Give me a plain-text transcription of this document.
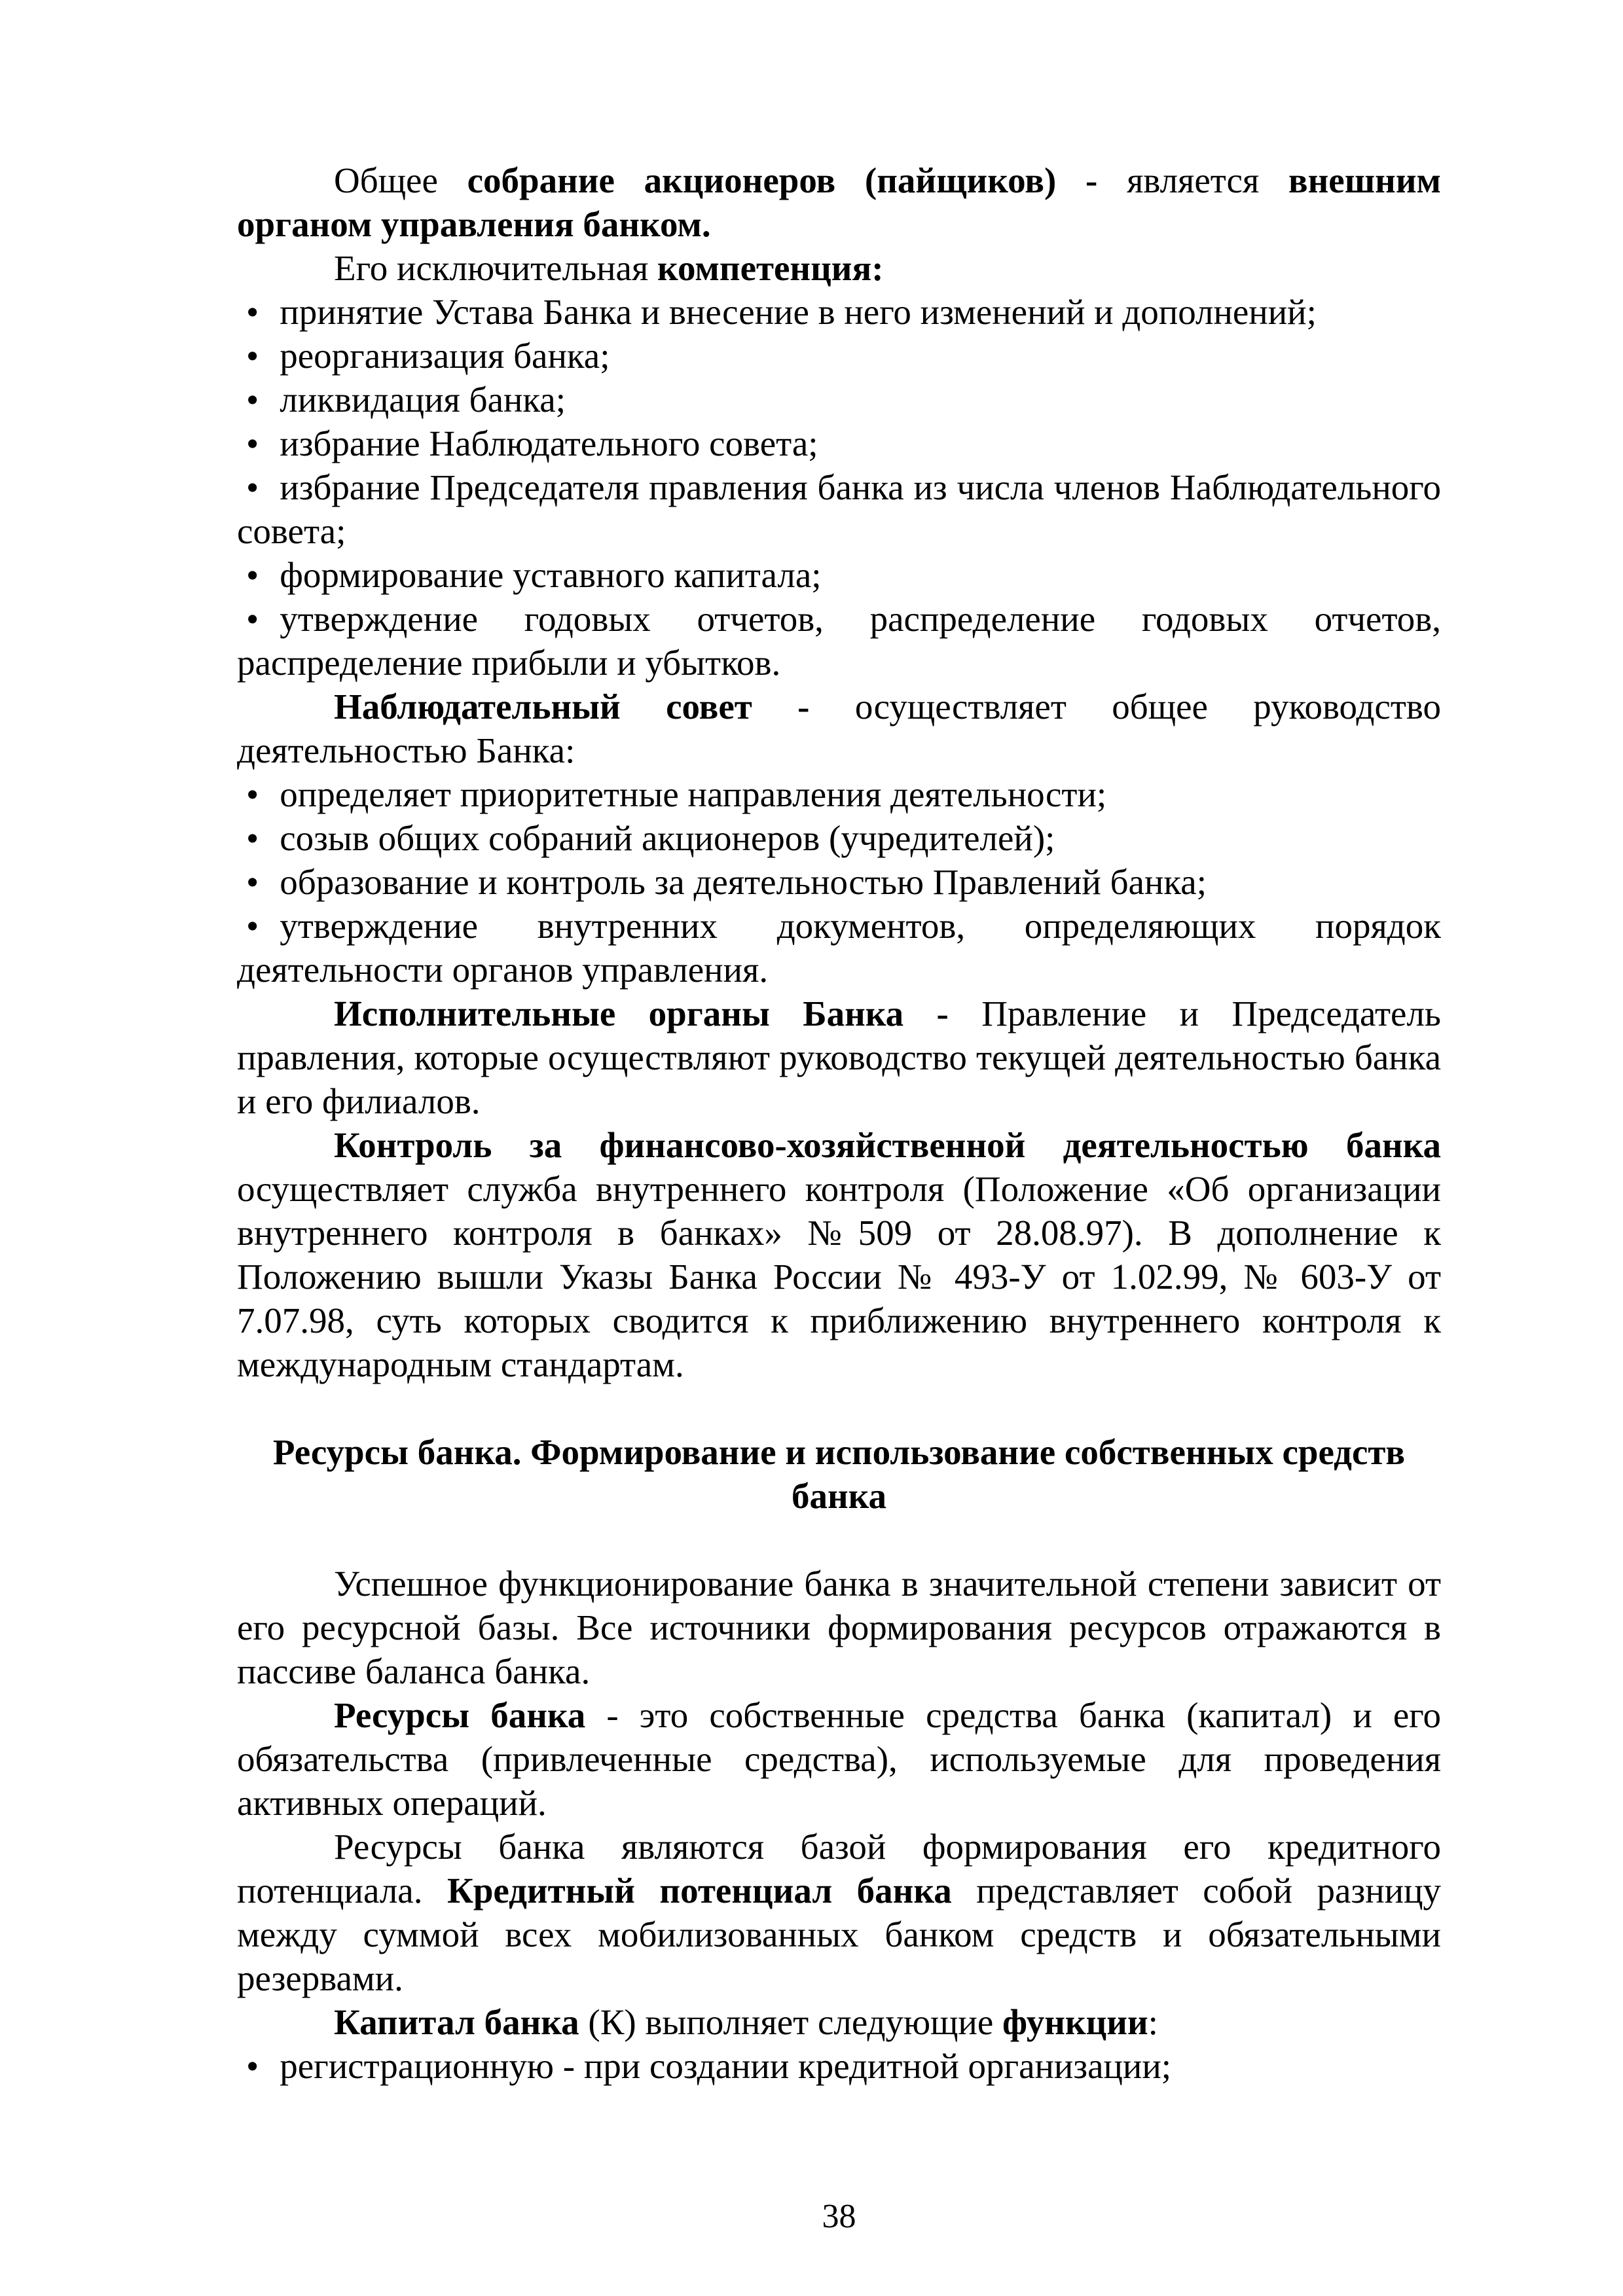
Общее собрание акционеров (пайщиков) - является внешним органом управления банком.

Его исключительная компетенция:

• принятие Устава Банка и внесение в него изменений и дополнений;

• реорганизация банка;

• ликвидация банка;

• избрание Наблюдательного совета;

• избрание Председателя правления банка из числа членов Наблюдательного совета;

• формирование уставного капитала;

• утверждение годовых отчетов, распределение годовых отчетов, распределение прибыли и убытков.

Наблюдательный совет - осуществляет общее руководство деятельностью Банка:

• определяет приоритетные направления деятельности;

• созыв общих собраний акционеров (учредителей);

• образование и контроль за деятельностью Правлений банка;

• утверждение внутренних документов, определяющих порядок деятельности органов управления.

Исполнительные органы Банка - Правление и Председатель правления, которые осуществляют руководство текущей деятельностью банка и его филиалов.

Контроль за финансово-хозяйственной деятельностью банка осуществляет служба внутреннего контроля (Положение «Об организации внутреннего контроля в банках» №509 от 28.08.97). В дополнение к Положению вышли Указы Банка России № 493-У от 1.02.99, № 603-У от 7.07.98, суть которых сводится к приближению внутреннего контроля к международным стандартам.

Ресурсы банка. Формирование и использование собственных средств банка

Успешное функционирование банка в значительной степени зависит от его ресурсной базы. Все источники формирования ресурсов отражаются в пассиве баланса банка.

Ресурсы банка - это собственные средства банка (капитал) и его обязательства (привлеченные средства), используемые для проведения активных операций.

Ресурсы банка являются базой формирования его кредитного потенциала. Кредитный потенциал банка представляет собой разницу между суммой всех мобилизованных банком средств и обязательными резервами.

Капитал банка (К) выполняет следующие функции:

• регистрационную - при создании кредитной организации;

38
